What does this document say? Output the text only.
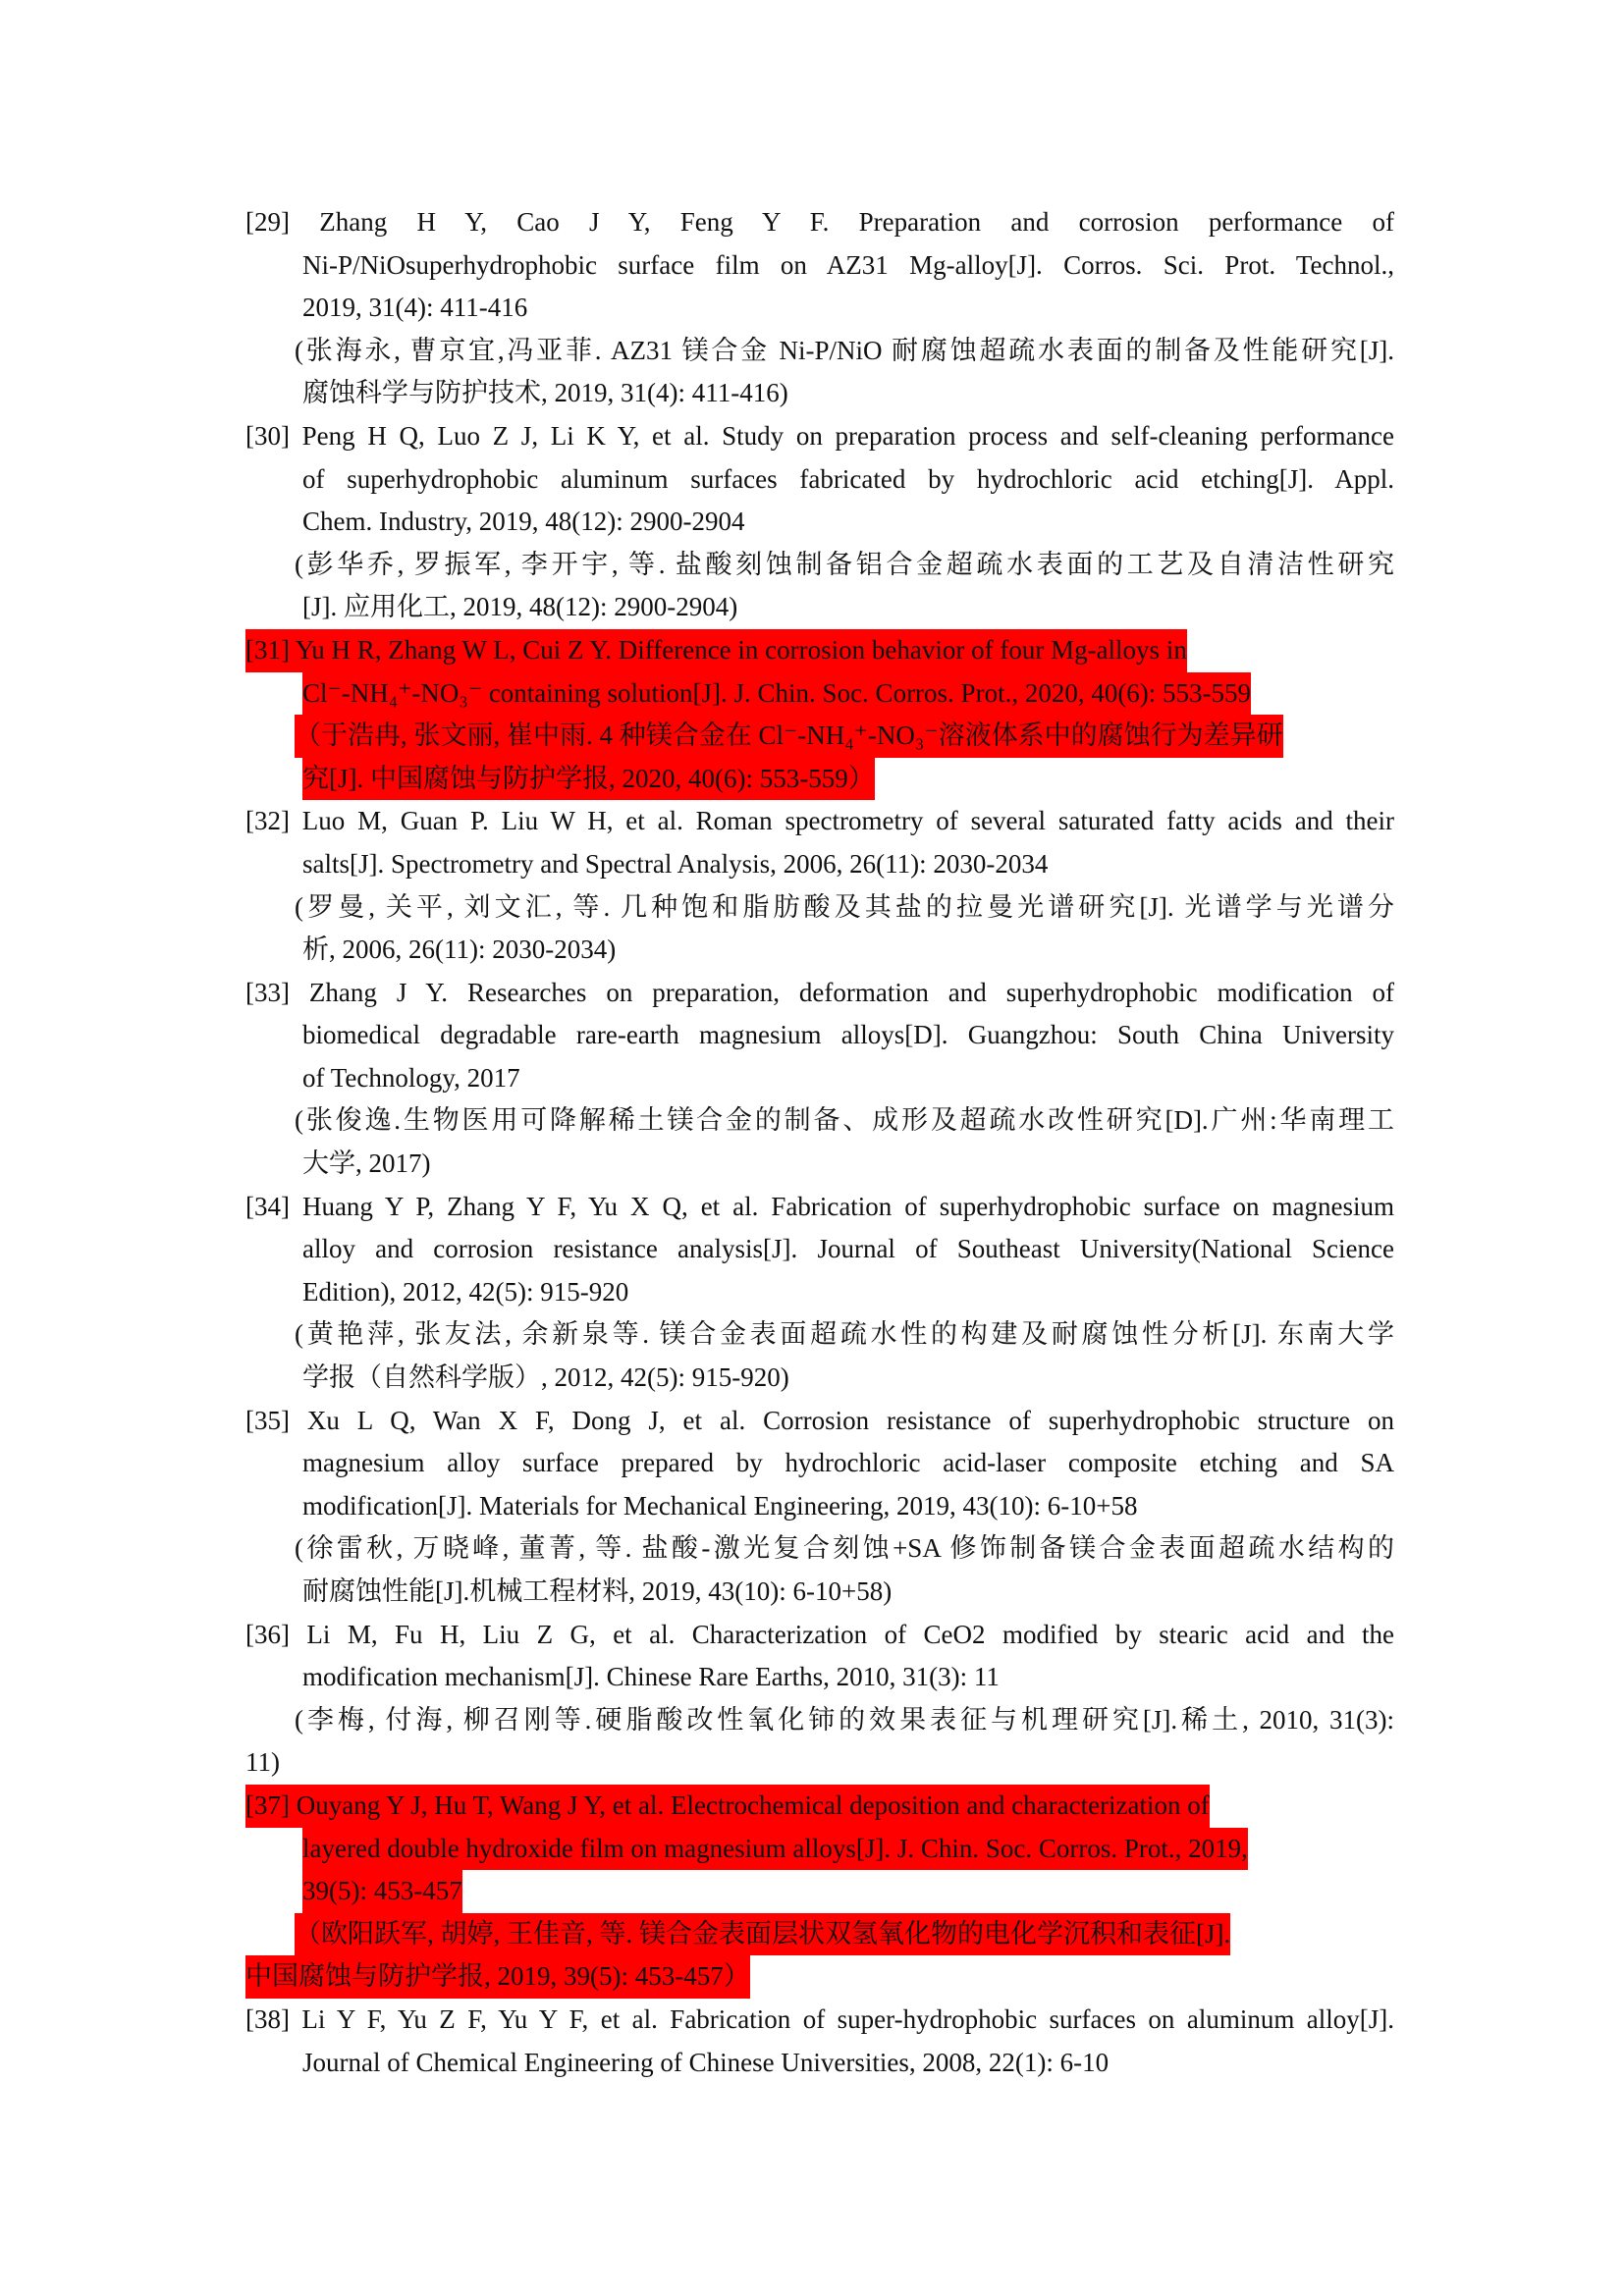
[29] Zhang H Y, Cao J Y, Feng Y F. Preparation and corrosion performance of
Ni-P/NiOsuperhydrophobic surface film on AZ31 Mg-alloy[J]. Corros. Sci. Prot. Technol.,
2019, 31(4): 411-416
(张海永, 曹京宜,冯亚菲. AZ31 镁合金 Ni-P/NiO 耐腐蚀超疏水表面的制备及性能研究[J].
腐蚀科学与防护技术, 2019, 31(4): 411-416)
[30] Peng H Q, Luo Z J, Li K Y, et al. Study on preparation process and self-cleaning performance
of superhydrophobic aluminum surfaces fabricated by hydrochloric acid etching[J]. Appl.
Chem. Industry, 2019, 48(12): 2900-2904
(彭华乔, 罗振军, 李开宇, 等. 盐酸刻蚀制备铝合金超疏水表面的工艺及自清洁性研究
[J]. 应用化工, 2019, 48(12): 2900-2904)
[31] Yu H R, Zhang W L, Cui Z Y. Difference in corrosion behavior of four Mg-alloys in
Cl⁻-NH₄⁺-NO₃⁻ containing solution[J]. J. Chin. Soc. Corros. Prot., 2020, 40(6): 553-559
（于浩冉, 张文丽, 崔中雨. 4 种镁合金在 Cl⁻-NH₄⁺-NO₃⁻溶液体系中的腐蚀行为差异研
究[J]. 中国腐蚀与防护学报, 2020, 40(6): 553-559）
[32] Luo M, Guan P. Liu W H, et al. Roman spectrometry of several saturated fatty acids and their
salts[J]. Spectrometry and Spectral Analysis, 2006, 26(11): 2030-2034
(罗曼, 关平, 刘文汇, 等. 几种饱和脂肪酸及其盐的拉曼光谱研究[J]. 光谱学与光谱分
析, 2006, 26(11): 2030-2034)
[33] Zhang J Y. Researches on preparation, deformation and superhydrophobic modification of
biomedical degradable rare-earth magnesium alloys[D]. Guangzhou: South China University
of Technology, 2017
(张俊逸.生物医用可降解稀土镁合金的制备、成形及超疏水改性研究[D].广州:华南理工
大学, 2017)
[34] Huang Y P, Zhang Y F, Yu X Q, et al. Fabrication of superhydrophobic surface on magnesium
alloy and corrosion resistance analysis[J]. Journal of Southeast University(National Science
Edition), 2012, 42(5): 915-920
(黄艳萍, 张友法, 余新泉等. 镁合金表面超疏水性的构建及耐腐蚀性分析[J]. 东南大学
学报（自然科学版）, 2012, 42(5): 915-920)
[35] Xu L Q, Wan X F, Dong J, et al. Corrosion resistance of superhydrophobic structure on
magnesium alloy surface prepared by hydrochloric acid-laser composite etching and SA
modification[J]. Materials for Mechanical Engineering, 2019, 43(10): 6-10+58
(徐雷秋, 万晓峰, 董菁, 等. 盐酸-激光复合刻蚀+SA 修饰制备镁合金表面超疏水结构的
耐腐蚀性能[J].机械工程材料, 2019, 43(10): 6-10+58)
[36] Li M, Fu H, Liu Z G, et al. Characterization of CeO2 modified by stearic acid and the
modification mechanism[J]. Chinese Rare Earths, 2010, 31(3): 11
(李梅, 付海, 柳召刚等.硬脂酸改性氧化铈的效果表征与机理研究[J].稀土, 2010, 31(3):
11)
[37] Ouyang Y J, Hu T, Wang J Y, et al. Electrochemical deposition and characterization of
layered double hydroxide film on magnesium alloys[J]. J. Chin. Soc. Corros. Prot., 2019,
39(5): 453-457
（欧阳跃军, 胡婷, 王佳音, 等. 镁合金表面层状双氢氧化物的电化学沉积和表征[J].
中国腐蚀与防护学报, 2019, 39(5): 453-457）
[38] Li Y F, Yu Z F, Yu Y F, et al. Fabrication of super-hydrophobic surfaces on aluminum alloy[J].
Journal of Chemical Engineering of Chinese Universities, 2008, 22(1): 6-10
